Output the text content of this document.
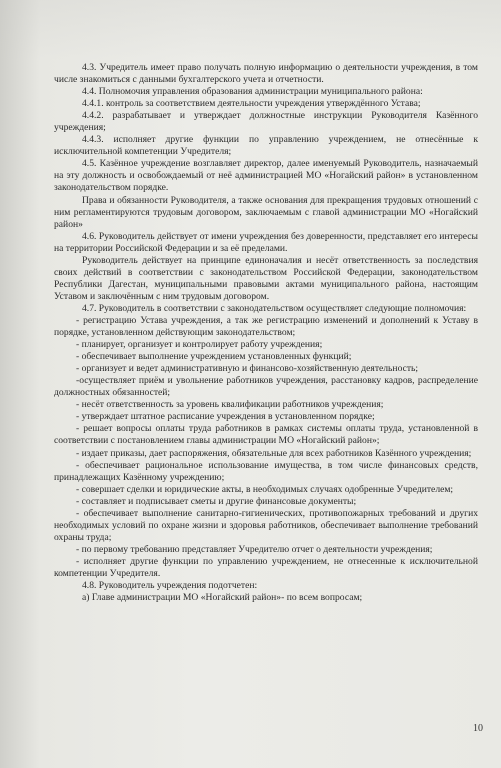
4.3. Учредитель имеет право получать полную информацию о деятельности учреждения, в том числе знакомиться с данными бухгалтерского учета и отчетности.

4.4. Полномочия управления образования администрации муниципального района:

4.4.1. контроль за соответствием деятельности учреждения утверждённого Устава;

4.4.2. разрабатывает и утверждает должностные инструкции Руководителя Казённого учреждения;

4.4.3. исполняет другие функции по управлению учреждением, не отнесённые к исключительной компетенции Учредителя;

4.5. Казённое учреждение возглавляет директор, далее именуемый Руководитель, назначаемый на эту должность и освобождаемый от неё администрацией МО «Ногайский район» в установленном законодательством порядке.

Права и обязанности Руководителя, а также основания для прекращения трудовых отношений с ним регламентируются трудовым договором, заключаемым с главой администрации МО «Ногайский район»

4.6. Руководитель действует от имени учреждения без доверенности, представляет его интересы на территории Российской Федерации и за её пределами.

Руководитель действует на принципе единоначалия и несёт ответственность за последствия своих действий в соответствии с законодательством Российской Федерации, законодательством Республики Дагестан, муниципальными правовыми актами муниципального района, настоящим Уставом и заключённым с ним трудовым договором.

4.7. Руководитель в соответствии с законодательством осуществляет следующие полномочия:

- регистрацию Устава учреждения, а так же регистрацию изменений и дополнений к Уставу в порядке, установленном действующим законодательством;

- планирует, организует и контролирует работу учреждения;

- обеспечивает выполнение учреждением установленных функций;

- организует и ведет административную и финансово-хозяйственную деятельность;

-осуществляет приём и увольнение работников учреждения, расстановку кадров, распределение должностных обязанностей;

- несёт ответственность за уровень квалификации работников учреждения;

- утверждает штатное расписание учреждения в установленном порядке;

- решает вопросы оплаты труда работников в рамках системы оплаты труда, установленной в соответствии с постановлением главы администрации МО «Ногайский район»;

- издает приказы, дает распоряжения, обязательные для всех работников Казённого учреждения;

- обеспечивает рациональное использование имущества, в том числе финансовых средств, принадлежащих Казённому учреждению;

- совершает сделки и юридические акты, в необходимых случаях одобренные Учредителем;

- составляет и подписывает сметы и другие финансовые документы;

- обеспечивает выполнение санитарно-гигиенических, противопожарных требований и других необходимых условий по охране жизни и здоровья работников, обеспечивает выполнение требований охраны труда;

- по первому требованию представляет Учредителю отчет о деятельности учреждения;

- исполняет другие функции по управлению учреждением, не отнесенные к исключительной компетенции Учредителя.

4.8. Руководитель учреждения подотчетен:

а) Главе администрации МО «Ногайский район»- по всем вопросам;

10
